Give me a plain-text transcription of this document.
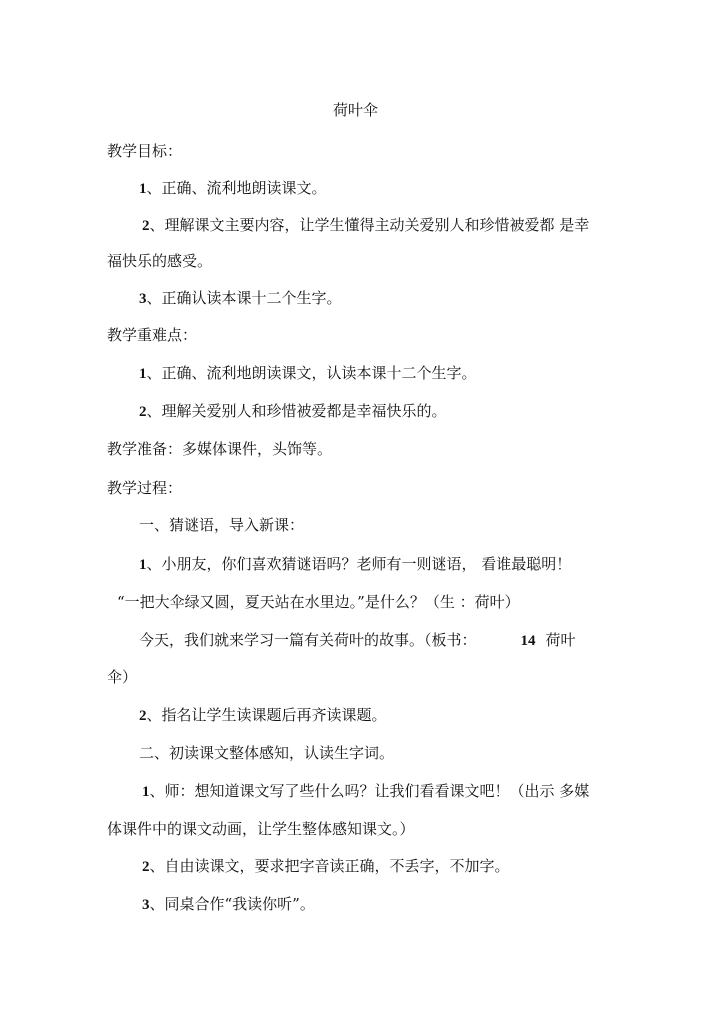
荷叶伞
教学目标：
1、正确、流利地朗读课文。
2、理解课文主要内容，让学生懂得主动关爱别人和珍惜被爱都 是幸
福快乐的感受。
3、正确认读本课十二个生字。
教学重难点：
1、正确、流利地朗读课文，认读本课十二个生字。
2、理解关爱别人和珍惜被爱都是幸福快乐的。
教学准备：多媒体课件，头饰等。
教学过程：
一、猜谜语，导入新课：
1、小朋友，你们喜欢猜谜语吗？老师有一则谜语， 看谁最聪明！
“一把大伞绿又圆，夏天站在水里边。”是什么？（生 ：荷叶）
今天，我们就来学习一篇有关荷叶的故事。（板书：	14 荷叶
伞）
2、指名让学生读课题后再齐读课题。
二、初读课文整体感知，认读生字词。
1、师：想知道课文写了些什么吗？让我们看看课文吧！（出示 多媒
体课件中的课文动画，让学生整体感知课文。）
2、自由读课文，要求把字音读正确，不丢字，不加字。
3、同桌合作“我读你听”。
